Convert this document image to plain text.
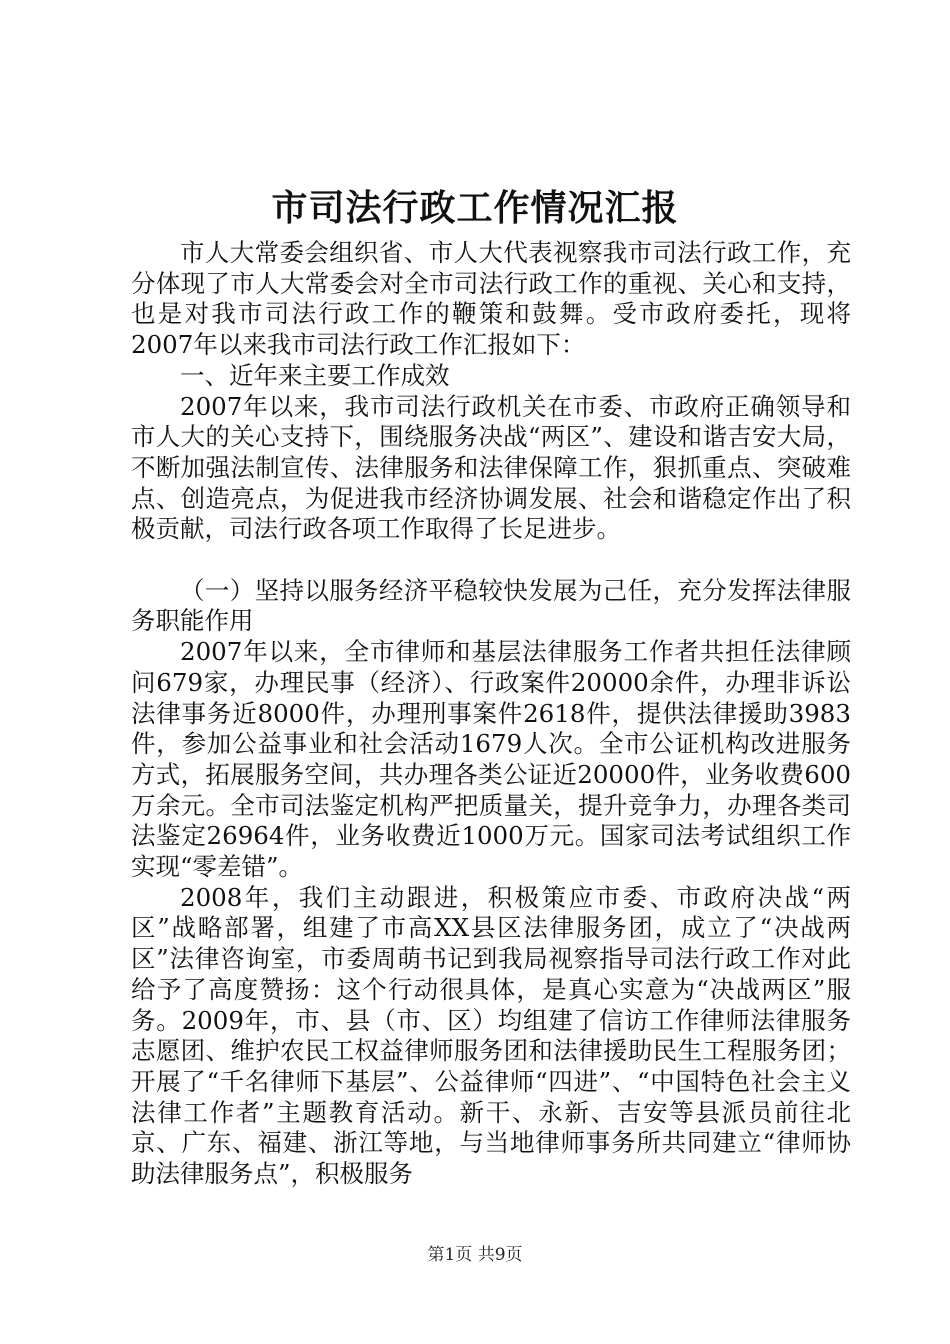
市司法行政工作情况汇报

市人大常委会组织省、市人大代表视察我市司法行政工作，充分体现了市人大常委会对全市司法行政工作的重视、关心和支持，也是对我市司法行政工作的鞭策和鼓舞。受市政府委托，现将2007年以来我市司法行政工作汇报如下：

一、近年来主要工作成效

2007年以来，我市司法行政机关在市委、市政府正确领导和市人大的关心支持下，围绕服务决战“两区”、建设和谐吉安大局，不断加强法制宣传、法律服务和法律保障工作，狠抓重点、突破难点、创造亮点，为促进我市经济协调发展、社会和谐稳定作出了积极贡献，司法行政各项工作取得了长足进步。

（一）坚持以服务经济平稳较快发展为己任，充分发挥法律服务职能作用

2007年以来，全市律师和基层法律服务工作者共担任法律顾问679家，办理民事（经济）、行政案件20000余件，办理非诉讼法律事务近8000件，办理刑事案件2618件，提供法律援助3983件，参加公益事业和社会活动1679人次。全市公证机构改进服务方式，拓展服务空间，共办理各类公证近20000件，业务收费600万余元。全市司法鉴定机构严把质量关，提升竞争力，办理各类司法鉴定26964件，业务收费近1000万元。国家司法考试组织工作实现“零差错”。

2008年，我们主动跟进，积极策应市委、市政府决战“两区”战略部署，组建了市高XX县区法律服务团，成立了“决战两区”法律咨询室，市委周萌书记到我局视察指导司法行政工作对此给予了高度赞扬：这个行动很具体，是真心实意为“决战两区”服务。2009年，市、县（市、区）均组建了信访工作律师法律服务志愿团、维护农民工权益律师服务团和法律援助民生工程服务团；开展了“千名律师下基层”、公益律师“四进”、“中国特色社会主义法律工作者”主题教育活动。新干、永新、吉安等县派员前往北京、广东、福建、浙江等地，与当地律师事务所共同建立“律师协助法律服务点”，积极服务

第1页 共9页
